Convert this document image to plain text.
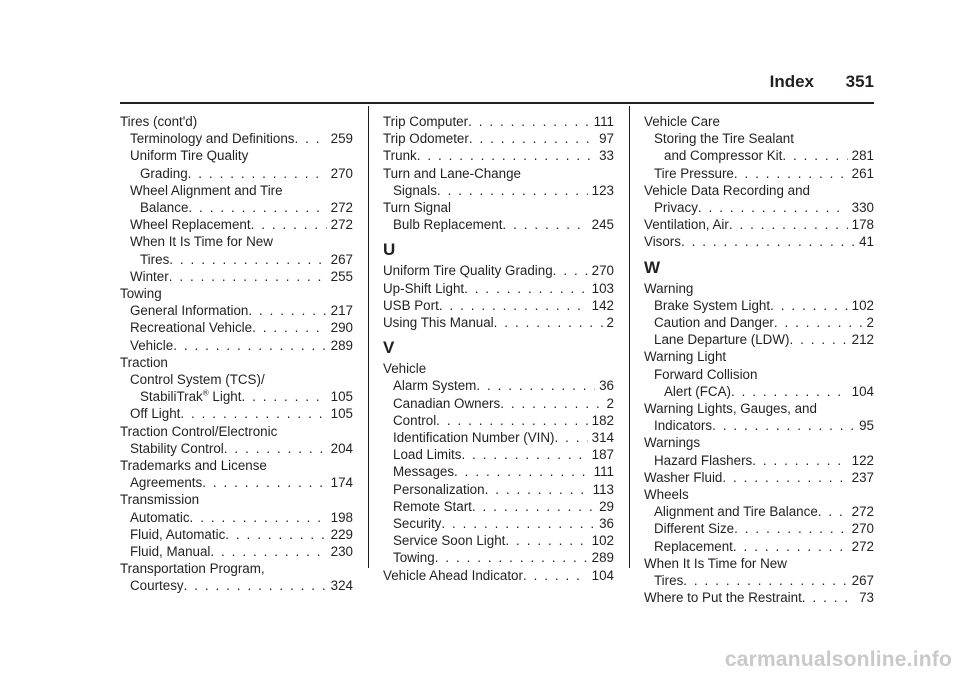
Index 351
Tires (cont'd)
Terminology and Definitions . . .	259
Uniform Tire Quality
Grading . . .	270
Wheel Alignment and Tire
Balance . . .	272
Wheel Replacement . . .	272
When It Is Time for New
Tires . . .	267
Winter . . .	255
Towing
General Information . . .	217
Recreational Vehicle . . .	290
Vehicle . . .	289
Traction
Control System (TCS)/
StabiliTrak® Light . . .	105
Off Light . . .	105
Traction Control/Electronic
Stability Control . . .	204
Trademarks and License
Agreements . . .	174
Transmission
Automatic . . .	198
Fluid, Automatic . . .	229
Fluid, Manual . . .	230
Transportation Program,
Courtesy . . .	324
Trip Computer . . .	111
Trip Odometer . . .	97
Trunk . . .	33
Turn and Lane-Change
Signals . . .	123
Turn Signal
Bulb Replacement . . .	245
U
Uniform Tire Quality Grading . . .	270
Up-Shift Light . . .	103
USB Port . . .	142
Using This Manual . . .	2
V
Vehicle
Alarm System . . .	36
Canadian Owners . . .	2
Control . . .	182
Identification Number (VIN) . . .	314
Load Limits . . .	187
Messages . . .	111
Personalization . . .	113
Remote Start . . .	29
Security . . .	36
Service Soon Light . . .	102
Towing . . .	289
Vehicle Ahead Indicator . . .	104
Vehicle Care
Storing the Tire Sealant
and Compressor Kit . . .	281
Tire Pressure . . .	261
Vehicle Data Recording and
Privacy . . .	330
Ventilation, Air . . .	178
Visors . . .	41
W
Warning
Brake System Light . . .	102
Caution and Danger . . .	2
Lane Departure (LDW) . . .	212
Warning Light
Forward Collision
Alert (FCA) . . .	104
Warning Lights, Gauges, and
Indicators . . .	95
Warnings
Hazard Flashers . . .	122
Washer Fluid . . .	237
Wheels
Alignment and Tire Balance . . .	272
Different Size . . .	270
Replacement . . .	272
When It Is Time for New
Tires . . .	267
Where to Put the Restraint . . .	73
carmanualsonline.info
